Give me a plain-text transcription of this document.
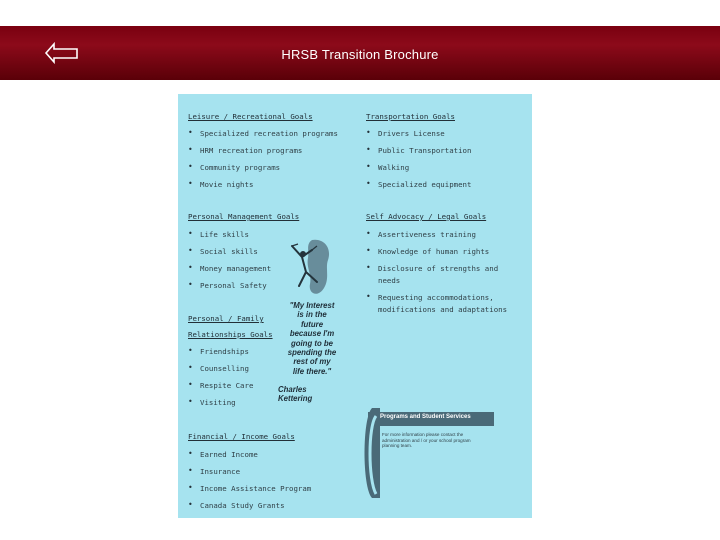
HRSB Transition Brochure
Leisure / Recreational Goals
• Specialized recreation programs
• HRM recreation programs
• Community programs
• Movie nights
Personal Management Goals
• Life skills
• Social skills
• Money management
• Personal Safety
Personal / Family
Relationships Goals
• Friendships
• Counselling
• Respite Care
• Visiting
Financial / Income Goals
• Earned Income
• Insurance
• Income Assistance Program
• Canada Study Grants
"My Interest
is in the
future
because I'm
going to be
spending the
rest of my
life there."
Charles
Kettering
Transportation Goals
• Drivers License
• Public Transportation
• Walking
• Specialized equipment
Self Advocacy / Legal Goals
• Assertiveness training
• Knowledge of human rights
• Disclosure of strengths and
needs
• Requesting accommodations,
modifications and adaptations
Programs and Student Services
For more information please contact the administration and / or your school program planning team.
